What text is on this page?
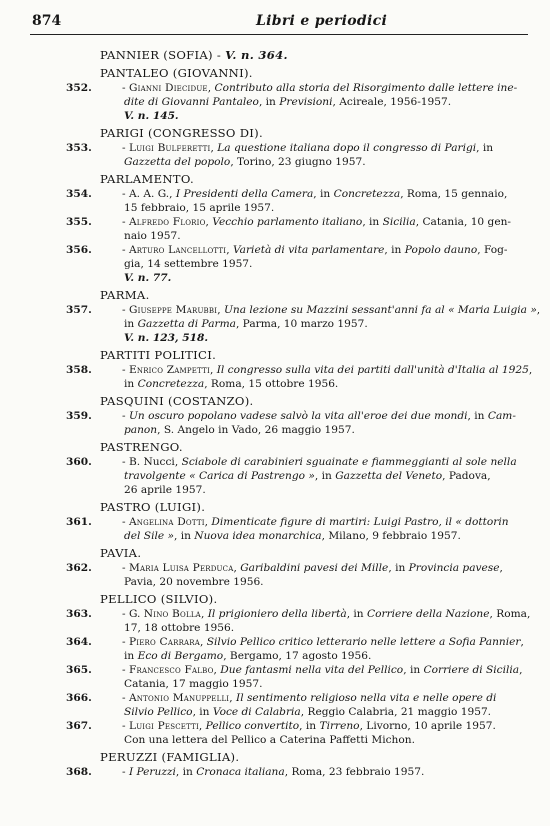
874	Libri e periodici
PANNIER (SOFIA) - V. n. 364.
PANTALEO (GIOVANNI).
352.	- Gianni Diecidue, Contributo alla storia del Risorgimento dalle lettere ine-
dite di Giovanni Pantaleo, in Previsioni, Acireale, 1956-1957.
V. n. 145.
PARIGI (CONGRESSO DI).
353.	- Luigi Bulferetti, La questione italiana dopo il congresso di Parigi, in
Gazzetta del popolo, Torino, 23 giugno 1957.
PARLAMENTO.
354.	- A. A. G., I Presidenti della Camera, in Concretezza, Roma, 15 gennaio,
15 febbraio, 15 aprile 1957.
355.	- Alfredo Florio, Vecchio parlamento italiano, in Sicilia, Catania, 10 gen-
naio 1957.
356.	- Arturo Lancellotti, Varietà di vita parlamentare, in Popolo dauno, Fog-
gia, 14 settembre 1957.
V. n. 77.
PARMA.
357.	- Giuseppe Marubbi, Una lezione su Mazzini sessant'anni fa al « Maria Luigia »,
in Gazzetta di Parma, Parma, 10 marzo 1957.
V. n. 123, 518.
PARTITI POLITICI.
358.	- Enrico Zampetti, Il congresso sulla vita dei partiti dall'unità d'Italia al 1925,
in Concretezza, Roma, 15 ottobre 1956.
PASQUINI (COSTANZO).
359.	- Un oscuro popolano vadese salvò la vita all'eroe dei due mondi, in Cam-
panon, S. Angelo in Vado, 26 maggio 1957.
PASTRENGO.
360.	- B. Nucci, Sciabole di carabinieri sguainate e fiammeggianti al sole nella
travolgente « Carica di Pastrengo », in Gazzetta del Veneto, Padova,
26 aprile 1957.
PASTRO (LUIGI).
361.	- Angelina Dotti, Dimenticate figure di martiri: Luigi Pastro, il « dottorin
del Sile », in Nuova idea monarchica, Milano, 9 febbraio 1957.
PAVIA.
362.	- Maria Luisa Perduca, Garibaldini pavesi dei Mille, in Provincia pavese,
Pavia, 20 novembre 1956.
PELLICO (SILVIO).
363.	- G. Nino Bolla, Il prigioniero della libertà, in Corriere della Nazione, Roma,
17, 18 ottobre 1956.
364.	- Piero Carrara, Silvio Pellico critico letterario nelle lettere a Sofia Pannier,
in Eco di Bergamo, Bergamo, 17 agosto 1956.
365.	- Francesco Falbo, Due fantasmi nella vita del Pellico, in Corriere di Sicilia,
Catania, 17 maggio 1957.
366.	- Antonio Manuppelli, Il sentimento religioso nella vita e nelle opere di
Silvio Pellico, in Voce di Calabria, Reggio Calabria, 21 maggio 1957.
367.	- Luigi Pescetti, Pellico convertito, in Tirreno, Livorno, 10 aprile 1957.
Con una lettera del Pellico a Caterina Paffetti Michon.
PERUZZI (FAMIGLIA).
368.	- I Peruzzi, in Cronaca italiana, Roma, 23 febbraio 1957.
